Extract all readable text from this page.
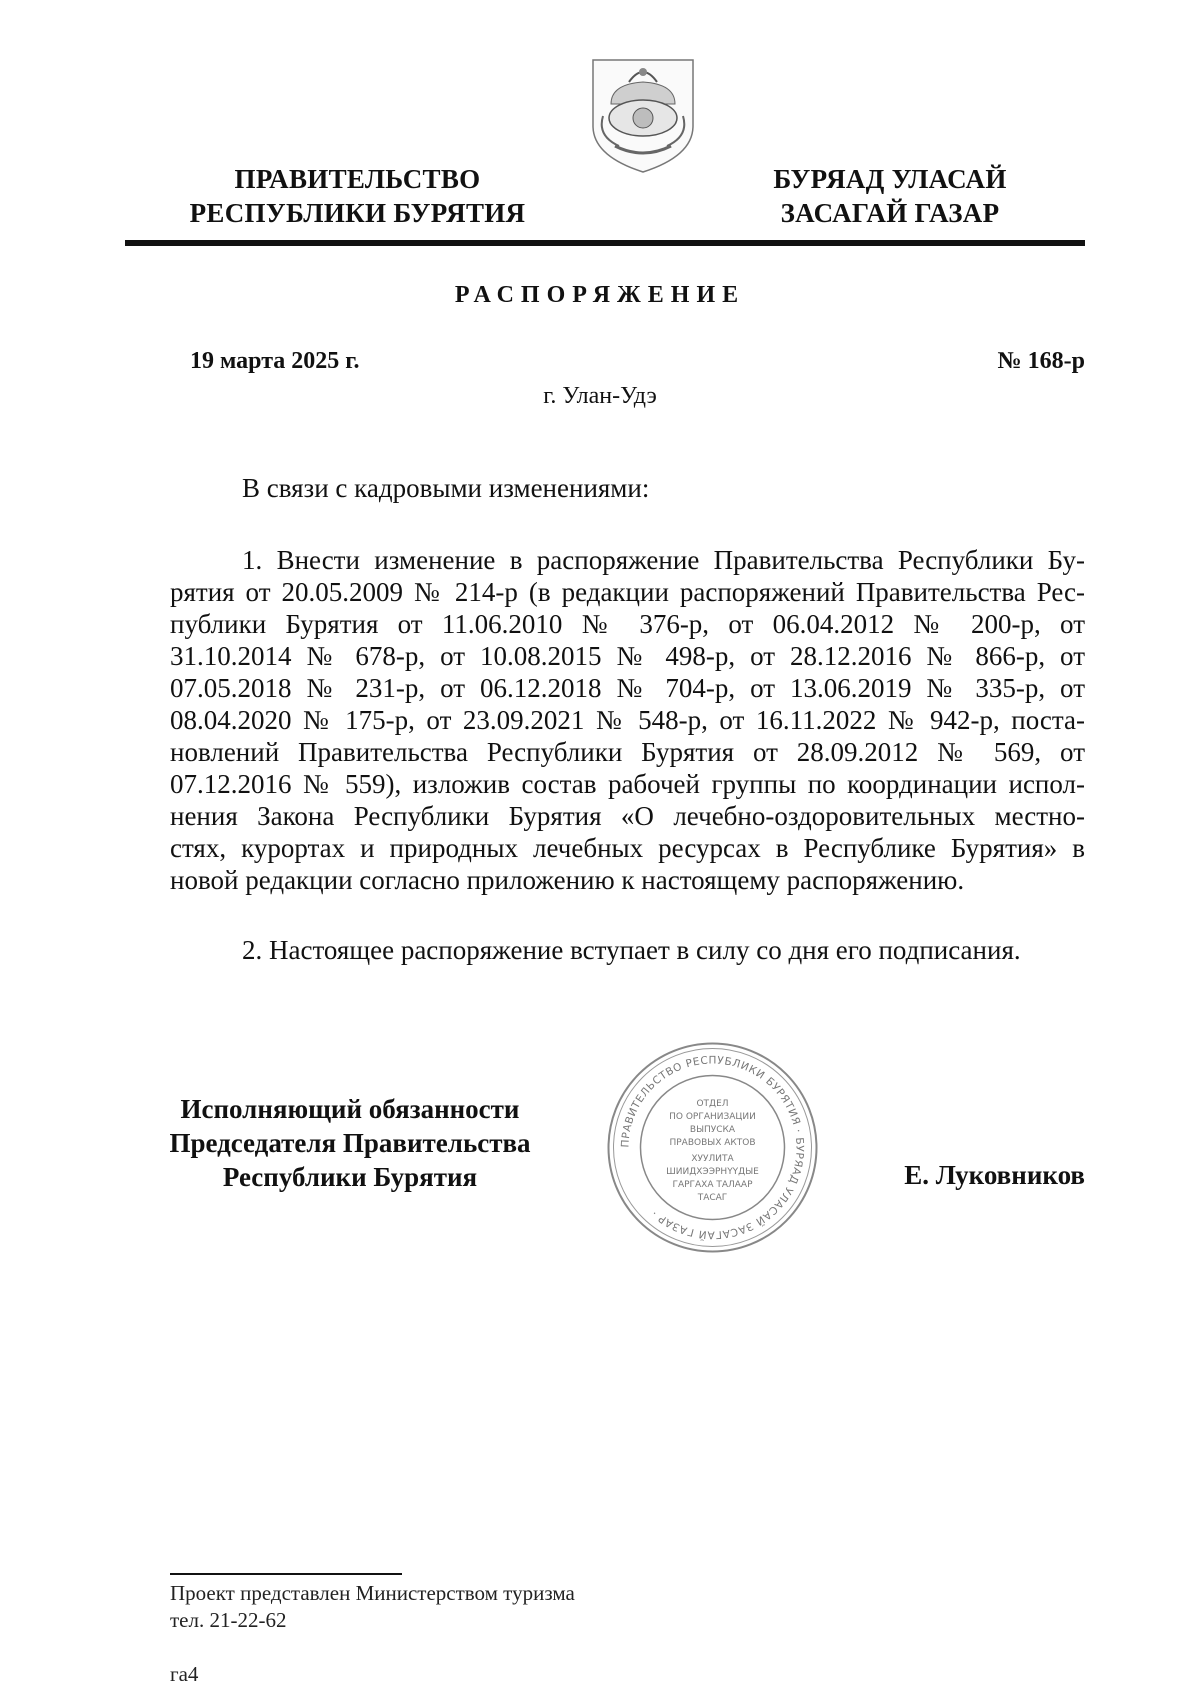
ПРАВИТЕЛЬСТВО
РЕСПУБЛИКИ БУРЯТИЯ
БУРЯАД УЛАСАЙ
ЗАСАГАЙ ГАЗАР
РАСПОРЯЖЕНИЕ
19 марта 2025 г.	№ 168-р
г. Улан-Удэ

В связи с кадровыми изменениями:

1. Внести изменение в распоряжение Правительства Республики Бу-
рятия от 20.05.2009 № 214-р (в редакции распоряжений Правительства Рес-
публики Бурятия от 11.06.2010 № 376-р, от 06.04.2012 № 200-р, от
31.10.2014 № 678-р, от 10.08.2015 № 498-р, от 28.12.2016 № 866-р, от
07.05.2018 № 231-р, от 06.12.2018 № 704-р, от 13.06.2019 № 335-р, от
08.04.2020 № 175-р, от 23.09.2021 № 548-р, от 16.11.2022 № 942-р, поста-
новлений Правительства Республики Бурятия от 28.09.2012 № 569, от
07.12.2016 № 559), изложив состав рабочей группы по координации испол-
нения Закона Республики Бурятия «О лечебно-оздоровительных местно-
стях, курортах и природных лечебных ресурсах в Республике Бурятия» в
новой редакции согласно приложению к настоящему распоряжению.

2. Настоящее распоряжение вступает в силу со дня его подписания.

Исполняющий обязанности
Председателя Правительства
Республики Бурятия
ПРАВИТЕЛЬСТВО РЕСПУБЛИКИ БУРЯТИЯ · БУРЯАД УЛАСАЙ ЗАСАГАЙ ГАЗАР ·
ОТДЕЛ
ПО ОРГАНИЗАЦИИ
ВЫПУСКА
ПРАВОВЫХ АКТОВ
ХУУЛИТА
ШИИДХЭЭРНҮҮДЫЕ
ГАРГАХА ТАЛААР
ТАСАГ
Е. Луковников
Проект представлен Министерством туризма
тел. 21-22-62
га4
